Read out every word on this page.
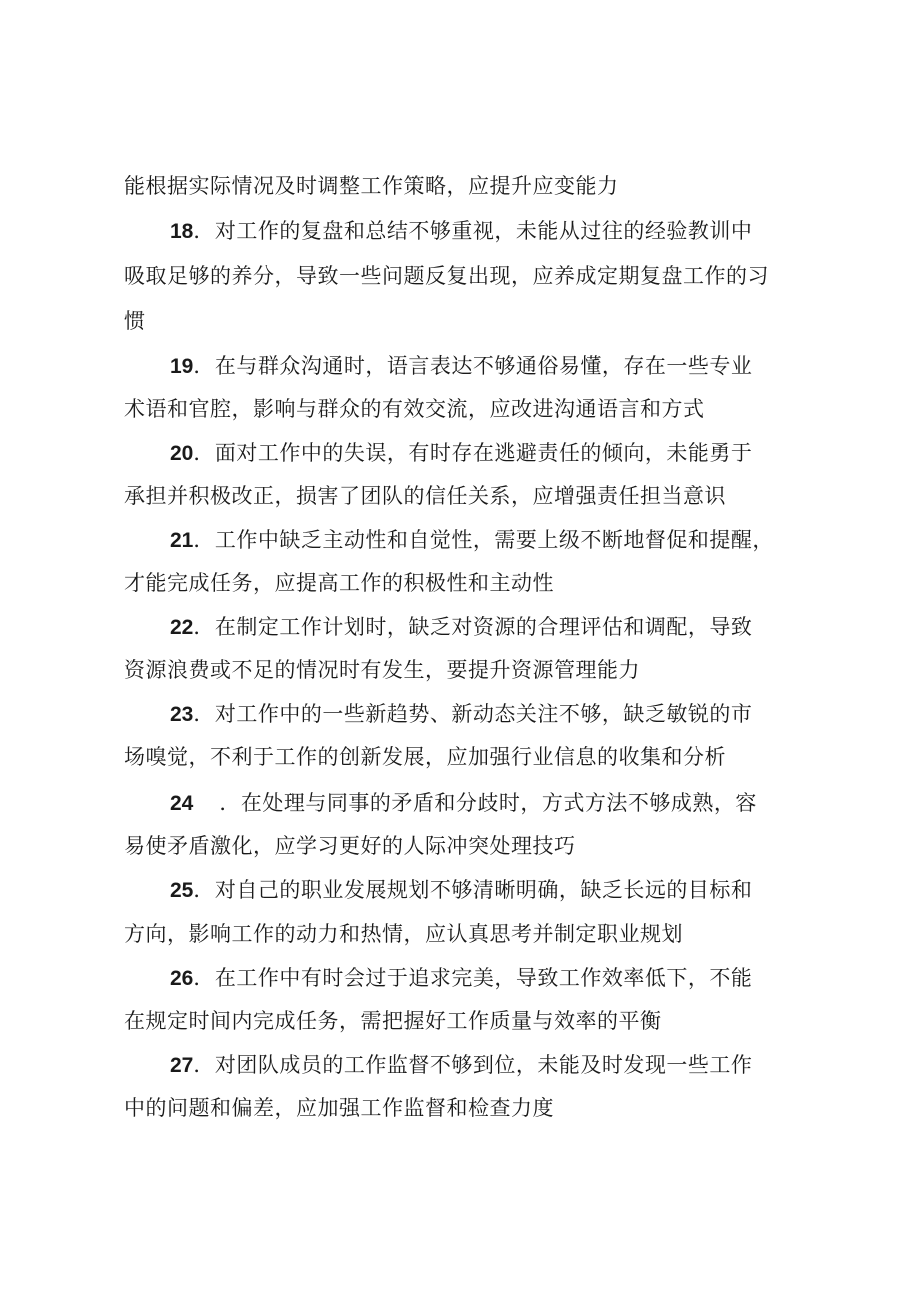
能根据实际情况及时调整工作策略，应提升应变能力
18．对工作的复盘和总结不够重视，未能从过往的经验教训中
吸取足够的养分，导致一些问题反复出现，应养成定期复盘工作的习
惯
19．在与群众沟通时，语言表达不够通俗易懂，存在一些专业
术语和官腔，影响与群众的有效交流，应改进沟通语言和方式
20．面对工作中的失误，有时存在逃避责任的倾向，未能勇于
承担并积极改正，损害了团队的信任关系，应增强责任担当意识
21．工作中缺乏主动性和自觉性，需要上级不断地督促和提醒，
才能完成任务，应提高工作的积极性和主动性
22．在制定工作计划时，缺乏对资源的合理评估和调配，导致
资源浪费或不足的情况时有发生，要提升资源管理能力
23．对工作中的一些新趋势、新动态关注不够，缺乏敏锐的市
场嗅觉，不利于工作的创新发展，应加强行业信息的收集和分析
24 ．在处理与同事的矛盾和分歧时，方式方法不够成熟，容
易使矛盾激化，应学习更好的人际冲突处理技巧
25．对自己的职业发展规划不够清晰明确，缺乏长远的目标和
方向，影响工作的动力和热情，应认真思考并制定职业规划
26．在工作中有时会过于追求完美，导致工作效率低下，不能
在规定时间内完成任务，需把握好工作质量与效率的平衡
27．对团队成员的工作监督不够到位，未能及时发现一些工作
中的问题和偏差，应加强工作监督和检查力度
